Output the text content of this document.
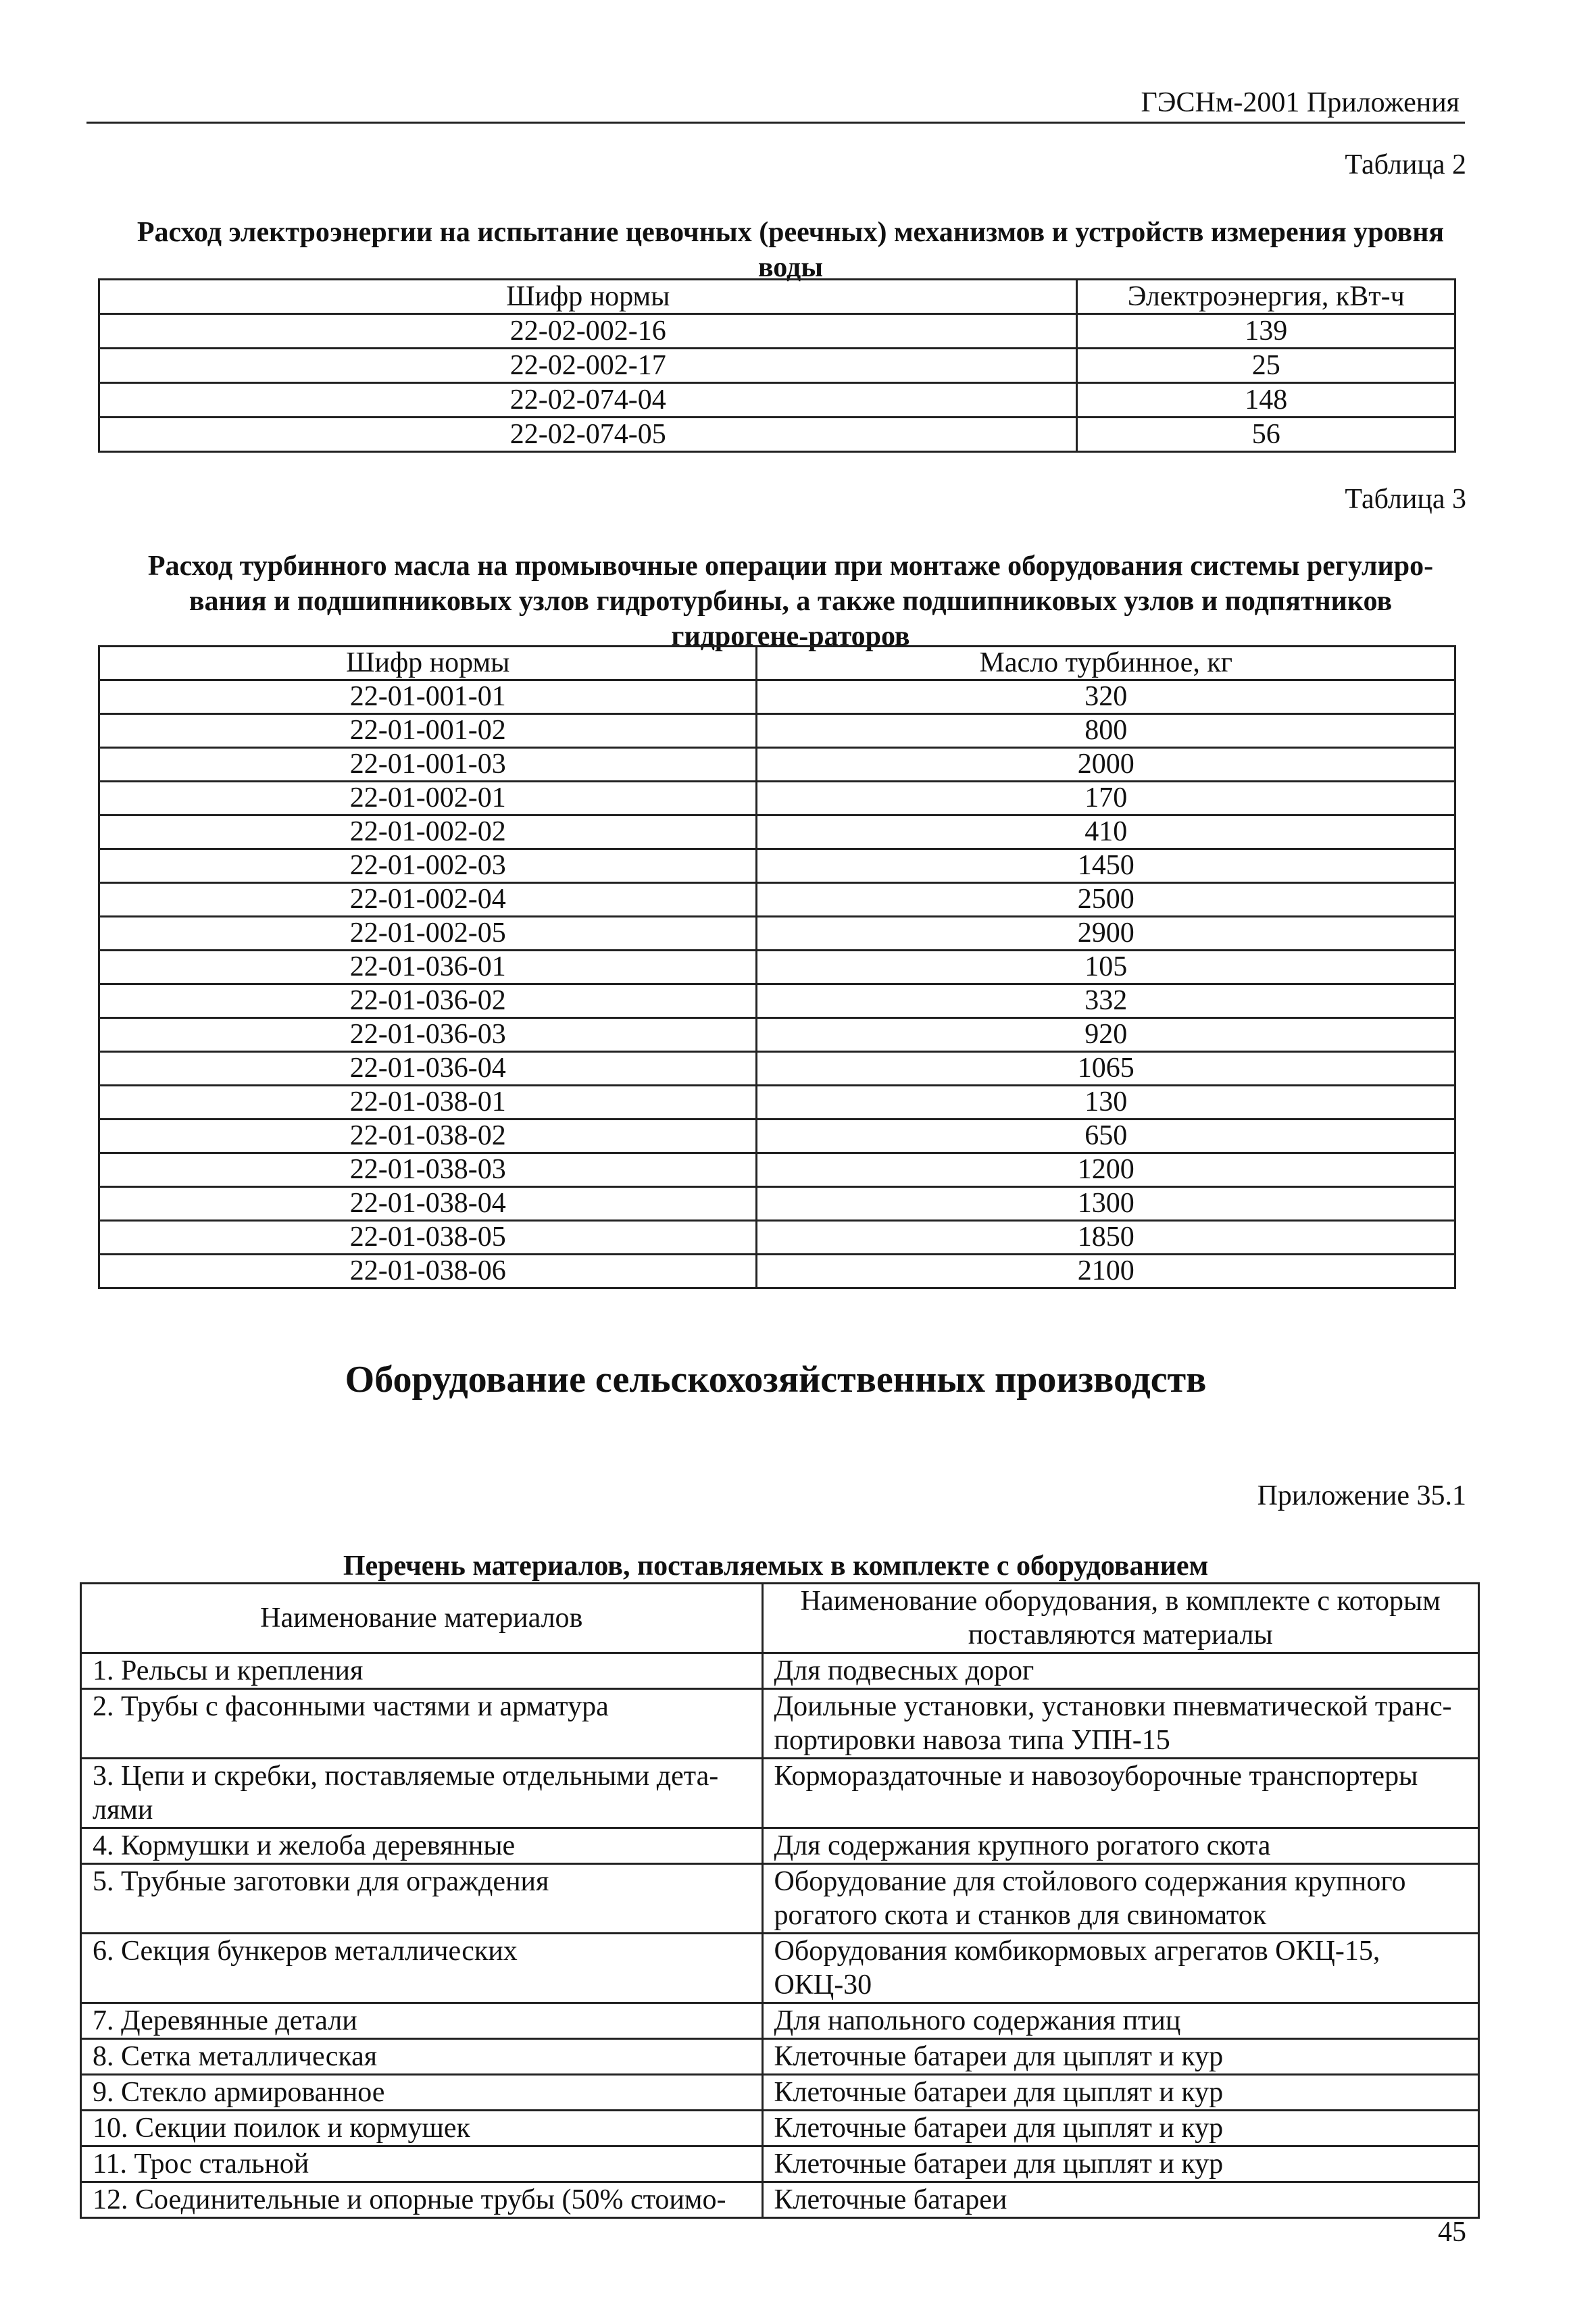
ГЭСНм-2001 Приложения
Таблица 2
Расход электроэнергии на испытание цевочных (реечных) механизмов и устройств измерения уровня воды
Шифр нормы	Электроэнергия, кВт-ч
22-02-002-16	139
22-02-002-17	25
22-02-074-04	148
22-02-074-05	56
Таблица 3
Расход турбинного масла на промывочные операции при монтаже оборудования системы регулиро-вания и подшипниковых узлов гидротурбины, а также подшипниковых узлов и подпятников гидрогене-раторов
Шифр нормы	Масло турбинное, кг
22-01-001-01	320
22-01-001-02	800
22-01-001-03	2000
22-01-002-01	170
22-01-002-02	410
22-01-002-03	1450
22-01-002-04	2500
22-01-002-05	2900
22-01-036-01	105
22-01-036-02	332
22-01-036-03	920
22-01-036-04	1065
22-01-038-01	130
22-01-038-02	650
22-01-038-03	1200
22-01-038-04	1300
22-01-038-05	1850
22-01-038-06	2100
Оборудование сельскохозяйственных производств
Приложение 35.1
Перечень материалов, поставляемых в комплекте с оборудованием
Наименование материалов	Наименование оборудования, в комплекте с которым поставляются материалы
1. Рельсы и крепления	Для подвесных дорог
2. Трубы с фасонными частями и арматура	Доильные установки, установки пневматической транс-портировки навоза типа УПН-15
3. Цепи и скребки, поставляемые отдельными дета-лями	Кормораздаточные и навозоуборочные транспортеры
4. Кормушки и желоба деревянные	Для содержания крупного рогатого скота
5. Трубные заготовки для ограждения	Оборудование для стойлового содержания крупного рогатого скота и станков для свиноматок
6. Секция бункеров металлических	Оборудования комбикормовых агрегатов ОКЦ-15, ОКЦ-30
7. Деревянные детали	Для напольного содержания птиц
8. Сетка металлическая	Клеточные батареи для цыплят и кур
9. Стекло армированное	Клеточные батареи для цыплят и кур
10. Секции поилок и кормушек	Клеточные батареи для цыплят и кур
11. Трос стальной	Клеточные батареи для цыплят и кур
12. Соединительные и опорные трубы (50% стоимо-	Клеточные батареи
45
